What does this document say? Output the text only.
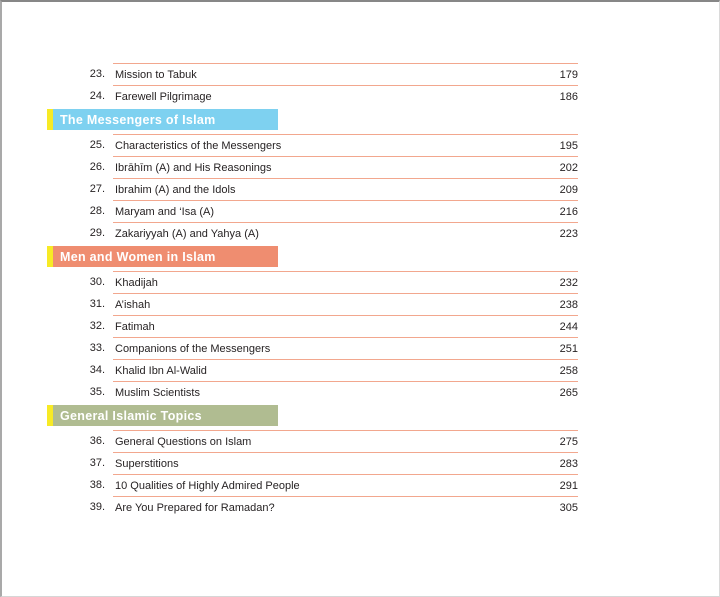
23. Mission to Tabuk	179
24. Farewell Pilgrimage	186
The Messengers of Islam
25. Characteristics of the Messengers	195
26. Ibrāhīm (A) and His Reasonings	202
27. Ibrahim (A) and the Idols	209
28. Maryam and ‘Isa (A)	216
29. Zakariyyah (A) and Yahya (A)	223
Men and Women in Islam
30. Khadijah	232
31. A’ishah	238
32. Fatimah	244
33. Companions of the Messengers	251
34. Khalid Ibn Al-Walid	258
35. Muslim Scientists	265
General Islamic Topics
36. General Questions on Islam	275
37. Superstitions	283
38. 10 Qualities of Highly Admired People	291
39. Are You Prepared for Ramadan?	305
